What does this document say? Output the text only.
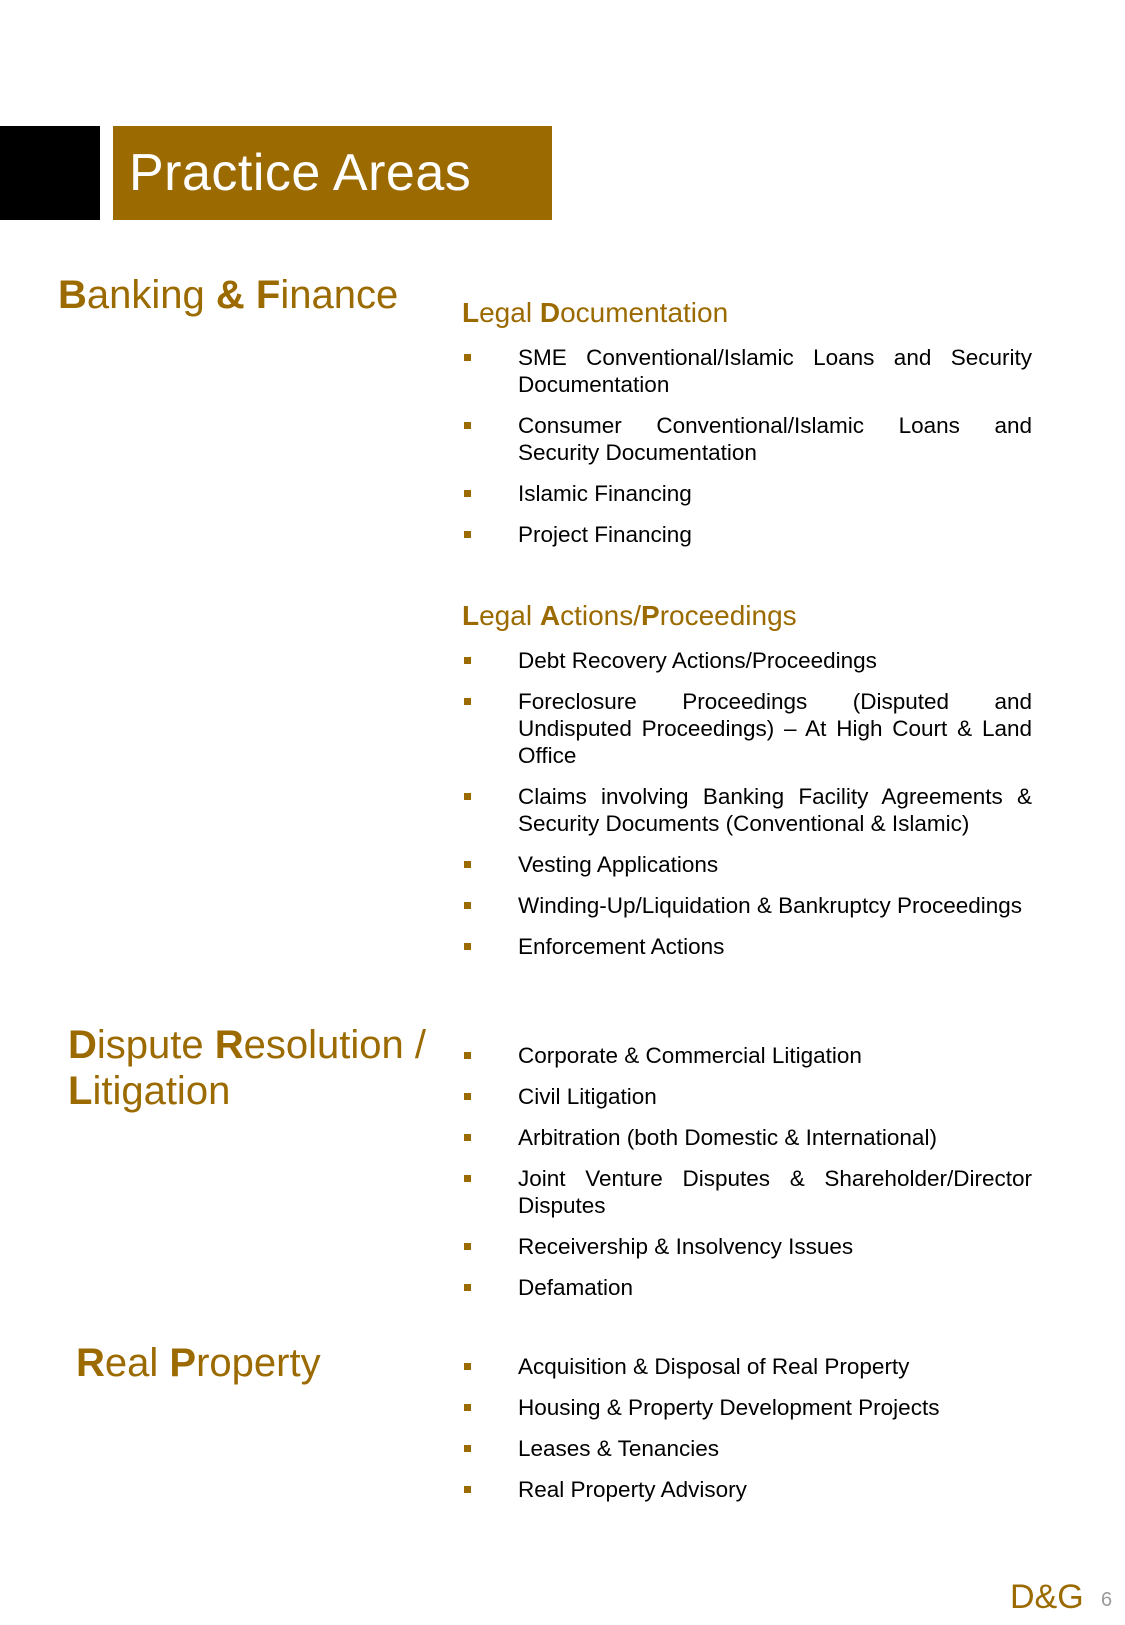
Practice Areas
Banking & Finance Legal Documentation
SME Conventional/Islamic Loans and Security Documentation
Consumer Conventional/Islamic Loans and Security Documentation
Islamic Financing
Project Financing
Legal Actions/Proceedings
Debt Recovery Actions/Proceedings
Foreclosure Proceedings (Disputed and Undisputed Proceedings) – At High Court & Land Office
Claims involving Banking Facility Agreements & Security Documents (Conventional & Islamic)
Vesting Applications
Winding-Up/Liquidation & Bankruptcy Proceedings
Enforcement Actions
Dispute Resolution /
Litigation
Corporate & Commercial Litigation
Civil Litigation
Arbitration (both Domestic & International)
Joint Venture Disputes & Shareholder/Director Disputes
Receivership & Insolvency Issues
Defamation
Real Property	Acquisition & Disposal of Real Property
Housing & Property Development Projects
Leases & Tenancies
Real Property Advisory
D&G 6
